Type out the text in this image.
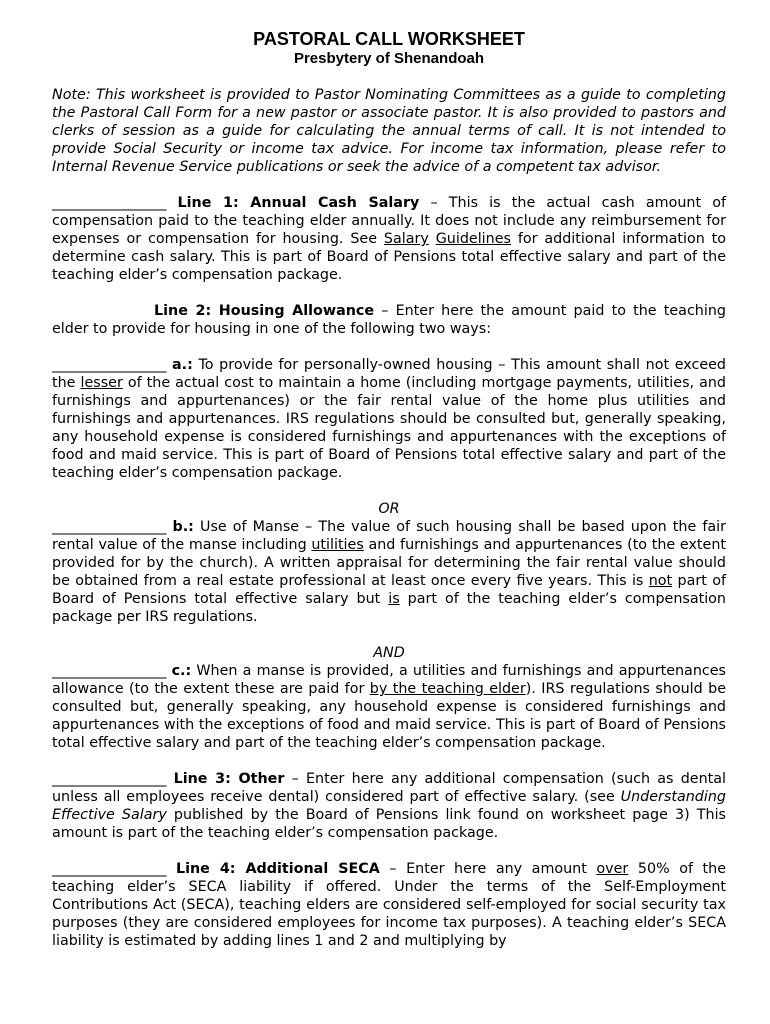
PASTORAL CALL WORKSHEET
Presbytery of Shenandoah

Note: This worksheet is provided to Pastor Nominating Committees as a guide to completing the Pastoral Call Form for a new pastor or associate pastor. It is also provided to pastors and clerks of session as a guide for calculating the annual terms of call. It is not intended to provide Social Security or income tax advice. For income tax information, please refer to Internal Revenue Service publications or seek the advice of a competent tax advisor.

________________ Line 1: Annual Cash Salary – This is the actual cash amount of compensation paid to the teaching elder annually. It does not include any reimbursement for expenses or compensation for housing. See Salary Guidelines for additional information to determine cash salary. This is part of Board of Pensions total effective salary and part of the teaching elder’s compensation package.

Line 2: Housing Allowance – Enter here the amount paid to the teaching elder to provide for housing in one of the following two ways:

________________ a.: To provide for personally-owned housing – This amount shall not exceed the lesser of the actual cost to maintain a home (including mortgage payments, utilities, and furnishings and appurtenances) or the fair rental value of the home plus utilities and furnishings and appurtenances. IRS regulations should be consulted but, generally speaking, any household expense is considered furnishings and appurtenances with the exceptions of food and maid service. This is part of Board of Pensions total effective salary and part of the teaching elder’s compensation package.

OR

________________ b.: Use of Manse – The value of such housing shall be based upon the fair rental value of the manse including utilities and furnishings and appurtenances (to the extent provided for by the church). A written appraisal for determining the fair rental value should be obtained from a real estate professional at least once every five years. This is not part of Board of Pensions total effective salary but is part of the teaching elder’s compensation package per IRS regulations.

AND

________________ c.: When a manse is provided, a utilities and furnishings and appurtenances allowance (to the extent these are paid for by the teaching elder). IRS regulations should be consulted but, generally speaking, any household expense is considered furnishings and appurtenances with the exceptions of food and maid service. This is part of Board of Pensions total effective salary and part of the teaching elder’s compensation package.

________________ Line 3: Other – Enter here any additional compensation (such as dental unless all employees receive dental) considered part of effective salary. (see Understanding Effective Salary published by the Board of Pensions link found on worksheet page 3) This amount is part of the teaching elder’s compensation package.

________________ Line 4: Additional SECA – Enter here any amount over 50% of the teaching elder’s SECA liability if offered. Under the terms of the Self-Employment Contributions Act (SECA), teaching elders are considered self-employed for social security tax purposes (they are considered employees for income tax purposes). A teaching elder’s SECA liability is estimated by adding lines 1 and 2 and multiplying by
